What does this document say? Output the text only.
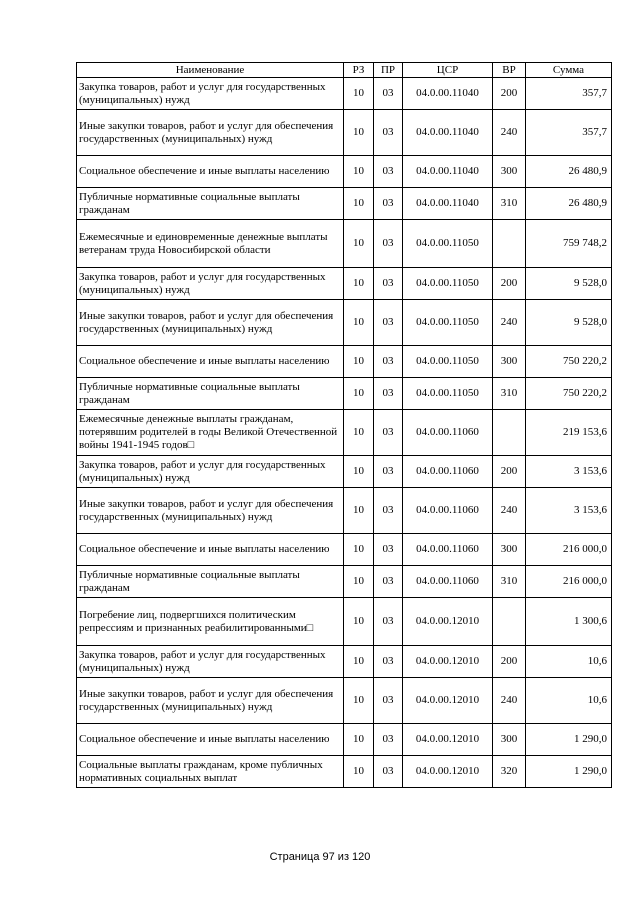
Наименование	РЗ	ПР	ЦСР	ВР	Сумма
Закупка товаров, работ и услуг для государственных (муниципальных) нужд	10	03	04.0.00.11040	200	357,7
Иные закупки товаров, работ и услуг для обеспечения государственных (муниципальных) нужд	10	03	04.0.00.11040	240	357,7
Социальное обеспечение и иные выплаты населению	10	03	04.0.00.11040	300	26 480,9
Публичные нормативные социальные выплаты гражданам	10	03	04.0.00.11040	310	26 480,9
Ежемесячные и единовременные денежные выплаты ветеранам труда Новосибирской области	10	03	04.0.00.11050		759 748,2
Закупка товаров, работ и услуг для государственных (муниципальных) нужд	10	03	04.0.00.11050	200	9 528,0
Иные закупки товаров, работ и услуг для обеспечения государственных (муниципальных) нужд	10	03	04.0.00.11050	240	9 528,0
Социальное обеспечение и иные выплаты населению	10	03	04.0.00.11050	300	750 220,2
Публичные нормативные социальные выплаты гражданам	10	03	04.0.00.11050	310	750 220,2
Ежемесячные денежные выплаты гражданам, потерявшим родителей в годы Великой Отечественной войны 1941-1945 годов□	10	03	04.0.00.11060		219 153,6
Закупка товаров, работ и услуг для государственных (муниципальных) нужд	10	03	04.0.00.11060	200	3 153,6
Иные закупки товаров, работ и услуг для обеспечения государственных (муниципальных) нужд	10	03	04.0.00.11060	240	3 153,6
Социальное обеспечение и иные выплаты населению	10	03	04.0.00.11060	300	216 000,0
Публичные нормативные социальные выплаты гражданам	10	03	04.0.00.11060	310	216 000,0
Погребение лиц, подвергшихся политическим репрессиям и признанных реабилитированными□	10	03	04.0.00.12010		1 300,6
Закупка товаров, работ и услуг для государственных (муниципальных) нужд	10	03	04.0.00.12010	200	10,6
Иные закупки товаров, работ и услуг для обеспечения государственных (муниципальных) нужд	10	03	04.0.00.12010	240	10,6
Социальное обеспечение и иные выплаты населению	10	03	04.0.00.12010	300	1 290,0
Социальные выплаты гражданам, кроме публичных нормативных социальных выплат	10	03	04.0.00.12010	320	1 290,0
Страница 97 из 120
